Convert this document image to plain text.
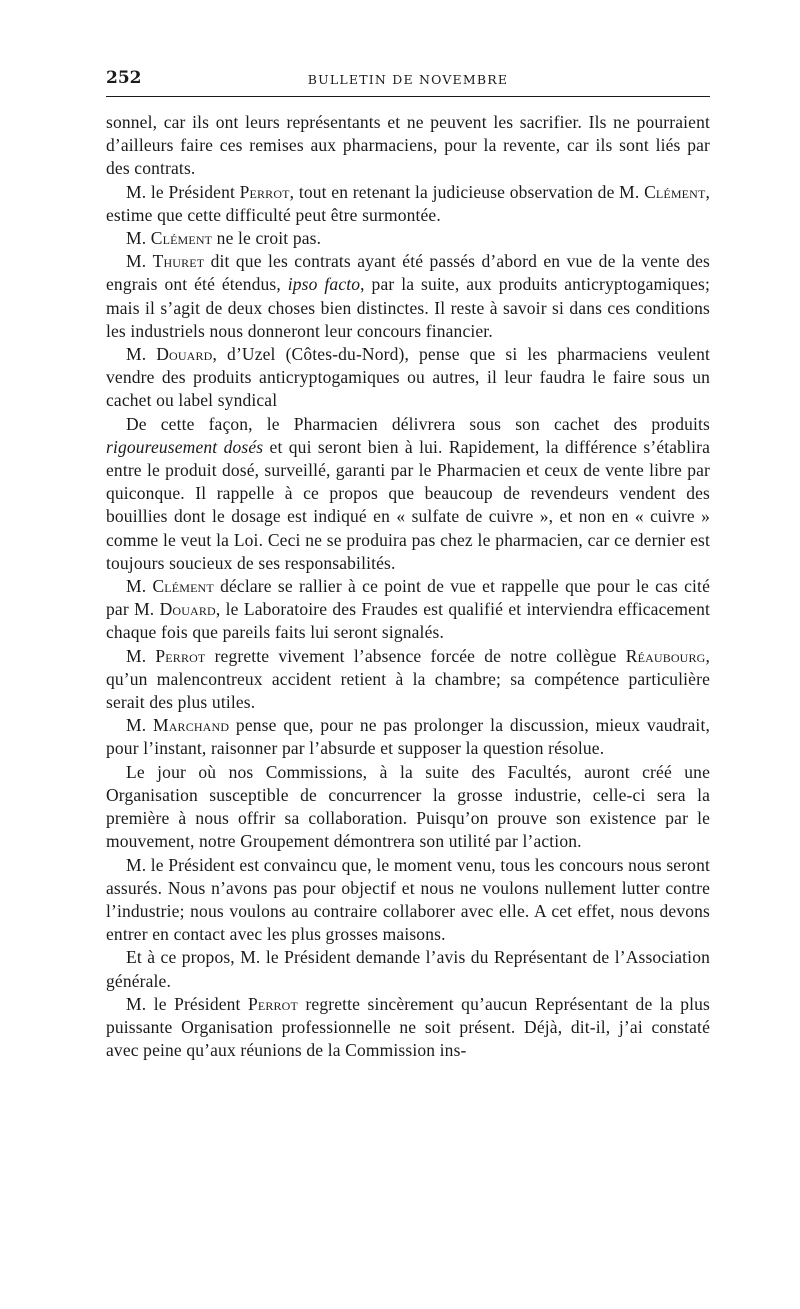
252	BULLETIN DE NOVEMBRE

sonnel, car ils ont leurs représentants et ne peuvent les sacrifier. Ils ne pourraient d’ailleurs faire ces remises aux pharmaciens, pour la revente, car ils sont liés par des contrats.

M. le Président Perrot, tout en retenant la judicieuse observation de M. Clément, estime que cette difficulté peut être surmontée.

M. Clément ne le croit pas.

M. Thuret dit que les contrats ayant été passés d’abord en vue de la vente des engrais ont été étendus, ipso facto, par la suite, aux produits anticryptogamiques; mais il s’agit de deux choses bien distinctes. Il reste à savoir si dans ces conditions les industriels nous donneront leur concours financier.

M. Douard, d’Uzel (Côtes-du-Nord), pense que si les pharmaciens veulent vendre des produits anticryptogamiques ou autres, il leur faudra le faire sous un cachet ou label syndical

De cette façon, le Pharmacien délivrera sous son cachet des produits rigoureusement dosés et qui seront bien à lui. Rapidement, la différence s’établira entre le produit dosé, surveillé, garanti par le Pharmacien et ceux de vente libre par quiconque. Il rappelle à ce propos que beaucoup de revendeurs vendent des bouillies dont le dosage est indiqué en « sulfate de cuivre », et non en « cuivre » comme le veut la Loi. Ceci ne se produira pas chez le pharmacien, car ce dernier est toujours soucieux de ses responsabilités.

M. Clément déclare se rallier à ce point de vue et rappelle que pour le cas cité par M. Douard, le Laboratoire des Fraudes est qualifié et interviendra efficacement chaque fois que pareils faits lui seront signalés.

M. Perrot regrette vivement l’absence forcée de notre collègue Réaubourg, qu’un malencontreux accident retient à la chambre; sa compétence particulière serait des plus utiles.

M. Marchand pense que, pour ne pas prolonger la discussion, mieux vaudrait, pour l’instant, raisonner par l’absurde et supposer la question résolue.

Le jour où nos Commissions, à la suite des Facultés, auront créé une Organisation susceptible de concurrencer la grosse industrie, celle-ci sera la première à nous offrir sa collaboration. Puisqu’on prouve son existence par le mouvement, notre Groupement démontrera son utilité par l’action.

M. le Président est convaincu que, le moment venu, tous les concours nous seront assurés. Nous n’avons pas pour objectif et nous ne voulons nullement lutter contre l’industrie; nous voulons au contraire collaborer avec elle. A cet effet, nous devons entrer en contact avec les plus grosses maisons.

Et à ce propos, M. le Président demande l’avis du Représentant de l’Association générale.

M. le Président Perrot regrette sincèrement qu’aucun Représentant de la plus puissante Organisation professionnelle ne soit présent. Déjà, dit-il, j’ai constaté avec peine qu’aux réunions de la Commission ins-
